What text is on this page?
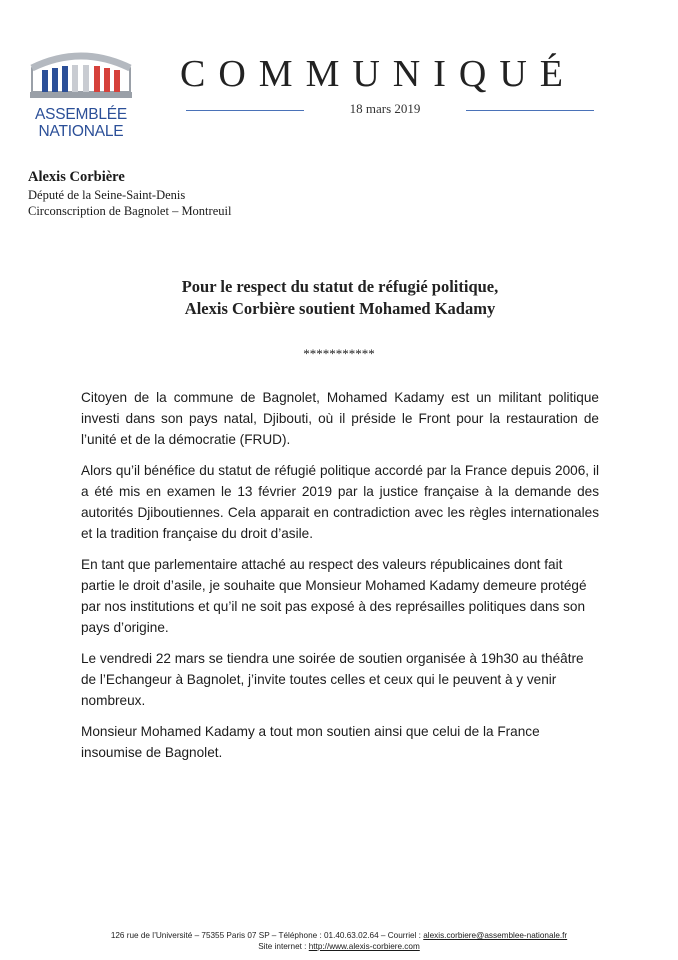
ASSEMBLÉE
NATIONALE
COMMUNIQUÉ
18 mars 2019
Alexis Corbière
Député de la Seine-Saint-Denis
Circonscription de Bagnolet – Montreuil
Pour le respect du statut de réfugié politique,
Alexis Corbière soutient Mohamed Kadamy
***********

Citoyen de la commune de Bagnolet, Mohamed Kadamy est un militant politique investi dans son pays natal, Djibouti, où il préside le Front pour la restauration de l’unité et de la démocratie (FRUD).

Alors qu’il bénéfice du statut de réfugié politique accordé par la France depuis 2006, il a été mis en examen le 13 février 2019 par la justice française à la demande des autorités Djiboutiennes. Cela apparait en contradiction avec les règles internationales et la tradition française du droit d’asile.

En tant que parlementaire attaché au respect des valeurs républicaines dont fait partie le droit d’asile, je souhaite que Monsieur Mohamed Kadamy demeure protégé par nos institutions et qu’il ne soit pas exposé à des représailles politiques dans son pays d’origine.

Le vendredi 22 mars se tiendra une soirée de soutien organisée à 19h30 au théâtre de l’Echangeur à Bagnolet, j’invite toutes celles et ceux qui le peuvent à y venir nombreux.

Monsieur Mohamed Kadamy a tout mon soutien ainsi que celui de la France insoumise de Bagnolet.

126 rue de l’Université – 75355 Paris 07 SP – Téléphone : 01.40.63.02.64 – Courriel : alexis.corbiere@assemblee-nationale.fr
Site internet : http://www.alexis-corbiere.com
